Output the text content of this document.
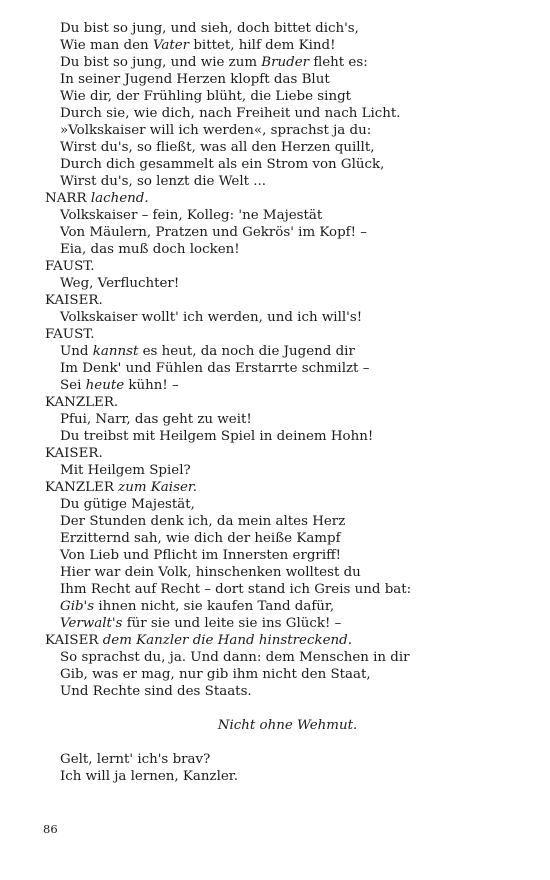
Du bist so jung, und sieh, doch bittet dich's,
Wie man den Vater bittet, hilf dem Kind!
Du bist so jung, und wie zum Bruder fleht es:
In seiner Jugend Herzen klopft das Blut
Wie dir, der Frühling blüht, die Liebe singt
Durch sie, wie dich, nach Freiheit und nach Licht.
»Volkskaiser will ich werden«, sprachst ja du:
Wirst du's, so fließt, was all den Herzen quillt,
Durch dich gesammelt als ein Strom von Glück,
Wirst du's, so lenzt die Welt ...
NARR lachend.
Volkskaiser – fein, Kolleg: 'ne Majestät
Von Mäulern, Pratzen und Gekrös' im Kopf! –
Eia, das muß doch locken!
FAUST.
Weg, Verfluchter!
KAISER.
Volkskaiser wollt' ich werden, und ich will's!
FAUST.
Und kannst es heut, da noch die Jugend dir
Im Denk' und Fühlen das Erstarrte schmilzt –
Sei heute kühn! –
KANZLER.
Pfui, Narr, das geht zu weit!
Du treibst mit Heilgem Spiel in deinem Hohn!
KAISER.
Mit Heilgem Spiel?
KANZLER zum Kaiser.
Du gütige Majestät,
Der Stunden denk ich, da mein altes Herz
Erzitternd sah, wie dich der heiße Kampf
Von Lieb und Pflicht im Innersten ergriff!
Hier war dein Volk, hinschenken wolltest du
Ihm Recht auf Recht – dort stand ich Greis und bat:
Gib's ihnen nicht, sie kaufen Tand dafür,
Verwalt's für sie und leite sie ins Glück! –
KAISER dem Kanzler die Hand hinstreckend.
So sprachst du, ja. Und dann: dem Menschen in dir
Gib, was er mag, nur gib ihm nicht den Staat,
Und Rechte sind des Staats.
Nicht ohne Wehmut.
Gelt, lernt' ich's brav?
Ich will ja lernen, Kanzler.
86
